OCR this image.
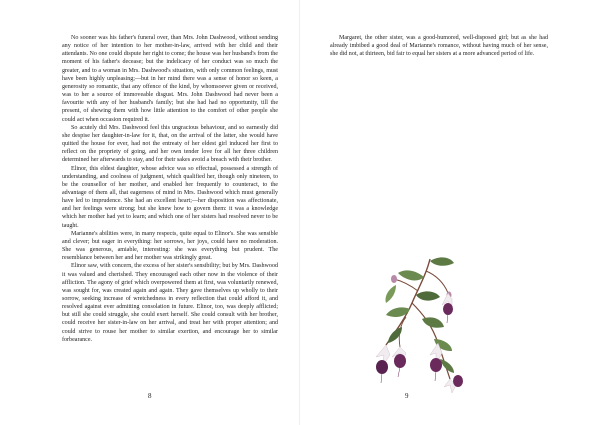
No sooner was his father's funeral over, than Mrs. John Dashwood, without sending any notice of her intention to her mother-in-law, arrived with her child and their attendants. No one could dispute her right to come; the house was her husband's from the moment of his father's decease; but the indelicacy of her conduct was so much the greater, and to a woman in Mrs. Dashwood's situation, with only common feelings, must have been highly unpleasing;—but in her mind there was a sense of honor so keen, a generosity so romantic, that any offence of the kind, by whomsoever given or received, was to her a source of immoveable disgust. Mrs. John Dashwood had never been a favourite with any of her husband's family; but she had had no opportunity, till the present, of shewing them with how little attention to the comfort of other people she could act when occasion required it.

So acutely did Mrs. Dashwood feel this ungracious behaviour, and so earnestly did she despise her daughter-in-law for it, that, on the arrival of the latter, she would have quitted the house for ever, had not the entreaty of her eldest girl induced her first to reflect on the propriety of going, and her own tender love for all her three children determined her afterwards to stay, and for their sakes avoid a breach with their brother.

Elinor, this eldest daughter, whose advice was so effectual, possessed a strength of understanding, and coolness of judgment, which qualified her, though only nineteen, to be the counsellor of her mother, and enabled her frequently to counteract, to the advantage of them all, that eagerness of mind in Mrs. Dashwood which must generally have led to imprudence. She had an excellent heart;—her disposition was affectionate, and her feelings were strong; but she knew how to govern them: it was a knowledge which her mother had yet to learn; and which one of her sisters had resolved never to be taught.

Marianne's abilities were, in many respects, quite equal to Elinor's. She was sensible and clever; but eager in everything: her sorrows, her joys, could have no moderation. She was generous, amiable, interesting: she was everything but prudent. The resemblance between her and her mother was strikingly great.

Elinor saw, with concern, the excess of her sister's sensibility; but by Mrs. Dashwood it was valued and cherished. They encouraged each other now in the violence of their affliction. The agony of grief which overpowered them at first, was voluntarily renewed, was sought for, was created again and again. They gave themselves up wholly to their sorrow, seeking increase of wretchedness in every reflection that could afford it, and resolved against ever admitting consolation in future. Elinor, too, was deeply afflicted; but still she could struggle, she could exert herself. She could consult with her brother, could receive her sister-in-law on her arrival, and treat her with proper attention; and could strive to rouse her mother to similar exertion, and encourage her to similar forbearance.

8

Margaret, the other sister, was a good-humored, well-disposed girl; but as she had already imbibed a good deal of Marianne's romance, without having much of her sense, she did not, at thirteen, bid fair to equal her sisters at a more advanced period of life.

9
